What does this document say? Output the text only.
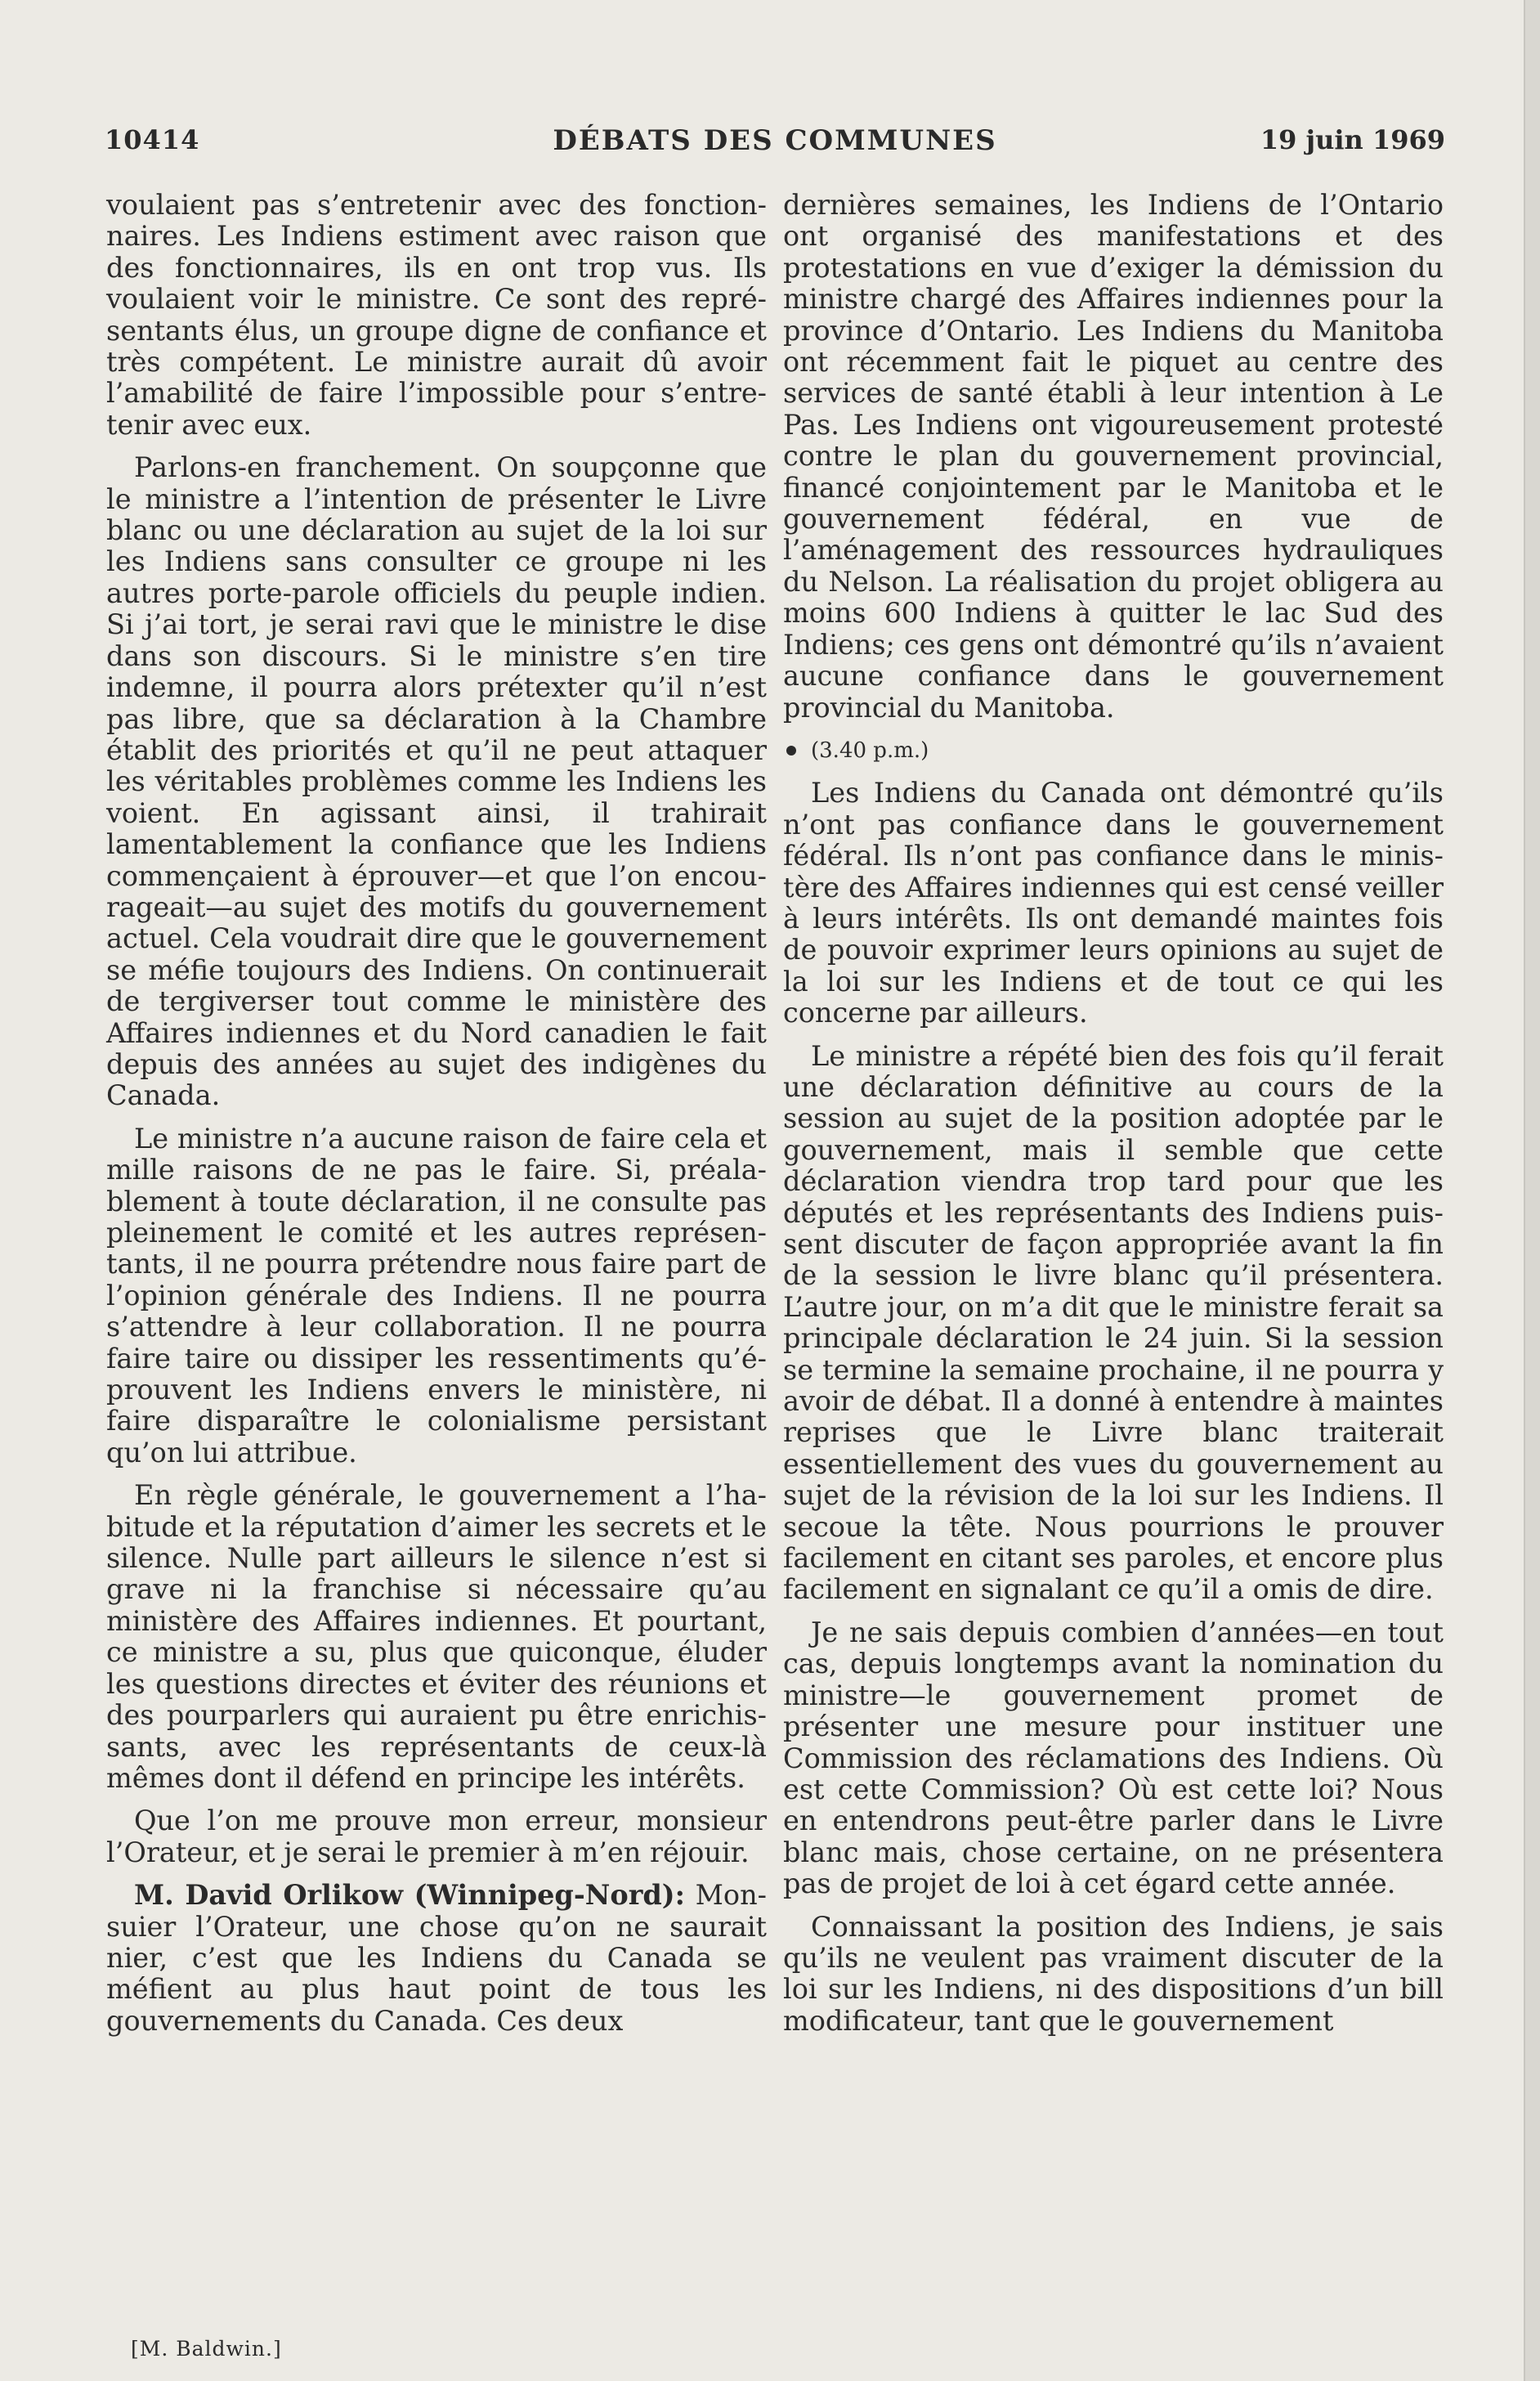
10414	DÉBATS DES COMMUNES	19 juin 1969

voulaient pas s’entretenir avec des fonctionnaires. Les Indiens estiment avec raison que des fonctionnaires, ils en ont trop vus. Ils voulaient voir le ministre. Ce sont des représentants élus, un groupe digne de confiance et très compétent. Le ministre aurait dû avoir l’amabilité de faire l’impossible pour s’entretenir avec eux.

Parlons-en franchement. On soupçonne que le ministre a l’intention de présenter le Livre blanc ou une déclaration au sujet de la loi sur les Indiens sans consulter ce groupe ni les autres porte-parole officiels du peuple indien. Si j’ai tort, je serai ravi que le ministre le dise dans son discours. Si le ministre s’en tire indemne, il pourra alors prétexter qu’il n’est pas libre, que sa déclaration à la Chambre établit des priorités et qu’il ne peut attaquer les véritables problèmes comme les Indiens les voient. En agissant ainsi, il trahirait lamentablement la confiance que les Indiens commençaient à éprouver—et que l’on encourageait—au sujet des motifs du gouvernement actuel. Cela voudrait dire que le gouvernement se méfie toujours des Indiens. On continuerait de tergiverser tout comme le ministère des Affaires indiennes et du Nord canadien le fait depuis des années au sujet des indigènes du Canada.

Le ministre n’a aucune raison de faire cela et mille raisons de ne pas le faire. Si, préalablement à toute déclaration, il ne consulte pas pleinement le comité et les autres représentants, il ne pourra prétendre nous faire part de l’opinion générale des Indiens. Il ne pourra s’attendre à leur collaboration. Il ne pourra faire taire ou dissiper les ressentiments qu’éprouvent les Indiens envers le ministère, ni faire disparaître le colonialisme persistant qu’on lui attribue.

En règle générale, le gouvernement a l’habitude et la réputation d’aimer les secrets et le silence. Nulle part ailleurs le silence n’est si grave ni la franchise si nécessaire qu’au ministère des Affaires indiennes. Et pourtant, ce ministre a su, plus que quiconque, éluder les questions directes et éviter des réunions et des pourparlers qui auraient pu être enrichissants, avec les représentants de ceux-là mêmes dont il défend en principe les intérêts.

Que l’on me prouve mon erreur, monsieur l’Orateur, et je serai le premier à m’en réjouir.

M. David Orlikow (Winnipeg-Nord): Monsuier l’Orateur, une chose qu’on ne saurait nier, c’est que les Indiens du Canada se méfient au plus haut point de tous les gouvernements du Canada. Ces deux

dernières semaines, les Indiens de l’Ontario ont organisé des manifestations et des protestations en vue d’exiger la démission du ministre chargé des Affaires indiennes pour la province d’Ontario. Les Indiens du Manitoba ont récemment fait le piquet au centre des services de santé établi à leur intention à Le Pas. Les Indiens ont vigoureusement protesté contre le plan du gouvernement provincial, financé conjointement par le Manitoba et le gouvernement fédéral, en vue de l’aménagement des ressources hydrauliques du Nelson. La réalisation du projet obligera au moins 600 Indiens à quitter le lac Sud des Indiens; ces gens ont démontré qu’ils n’avaient aucune confiance dans le gouvernement provincial du Manitoba.

(3.40 p.m.)

Les Indiens du Canada ont démontré qu’ils n’ont pas confiance dans le gouvernement fédéral. Ils n’ont pas confiance dans le ministère des Affaires indiennes qui est censé veiller à leurs intérêts. Ils ont demandé maintes fois de pouvoir exprimer leurs opinions au sujet de la loi sur les Indiens et de tout ce qui les concerne par ailleurs.

Le ministre a répété bien des fois qu’il ferait une déclaration définitive au cours de la session au sujet de la position adoptée par le gouvernement, mais il semble que cette déclaration viendra trop tard pour que les députés et les représentants des Indiens puissent discuter de façon appropriée avant la fin de la session le livre blanc qu’il présentera. L’autre jour, on m’a dit que le ministre ferait sa principale déclaration le 24 juin. Si la session se termine la semaine prochaine, il ne pourra y avoir de débat. Il a donné à entendre à maintes reprises que le Livre blanc traiterait essentiellement des vues du gouvernement au sujet de la révision de la loi sur les Indiens. Il secoue la tête. Nous pourrions le prouver facilement en citant ses paroles, et encore plus facilement en signalant ce qu’il a omis de dire.

Je ne sais depuis combien d’années—en tout cas, depuis longtemps avant la nomination du ministre—le gouvernement promet de présenter une mesure pour instituer une Commission des réclamations des Indiens. Où est cette Commission? Où est cette loi? Nous en entendrons peut-être parler dans le Livre blanc mais, chose certaine, on ne présentera pas de projet de loi à cet égard cette année.

Connaissant la position des Indiens, je sais qu’ils ne veulent pas vraiment discuter de la loi sur les Indiens, ni des dispositions d’un bill modificateur, tant que le gouvernement

[M. Baldwin.]
